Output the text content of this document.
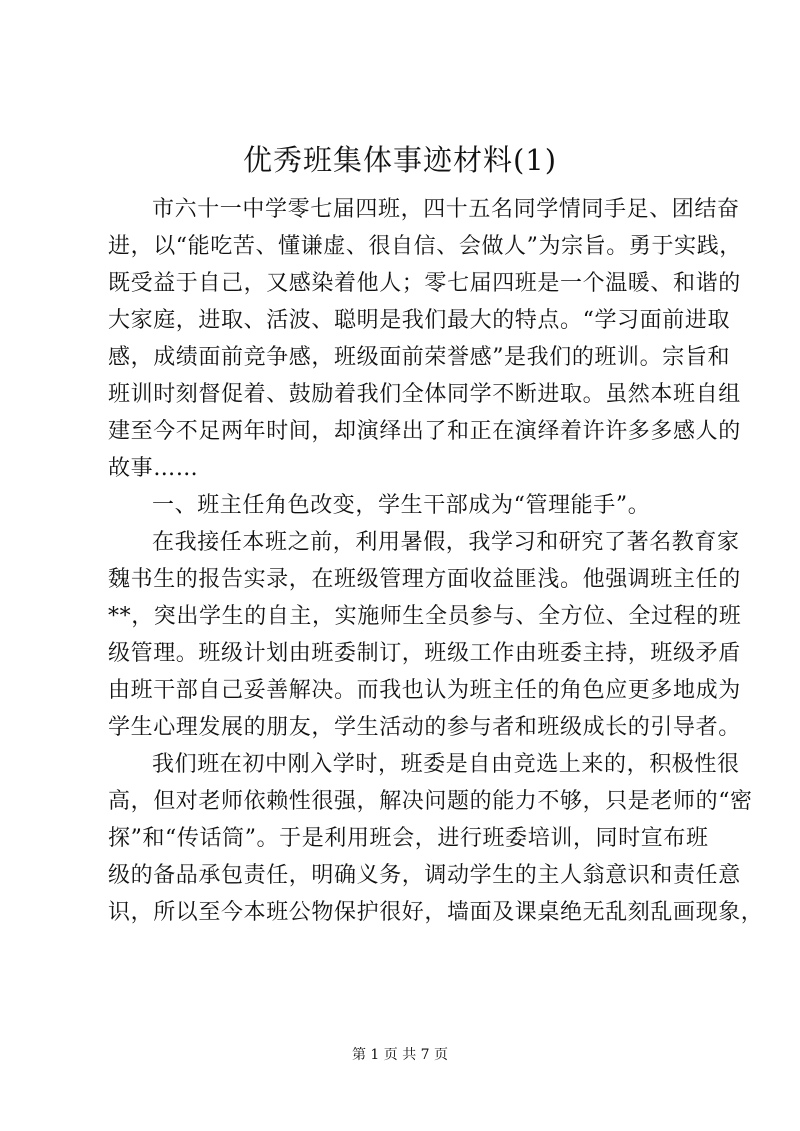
优秀班集体事迹材料(1)
市六十一中学零七届四班，四十五名同学情同手足、团结奋
进，以“能吃苦、懂谦虚、很自信、会做人”为宗旨。勇于实践，
既受益于自己，又感染着他人；零七届四班是一个温暖、和谐的
大家庭，进取、活波、聪明是我们最大的特点。“学习面前进取
感，成绩面前竞争感，班级面前荣誉感”是我们的班训。宗旨和
班训时刻督促着、鼓励着我们全体同学不断进取。虽然本班自组
建至今不足两年时间，却演绎出了和正在演绎着许许多多感人的
故事……
一、班主任角色改变，学生干部成为“管理能手”。
在我接任本班之前，利用暑假，我学习和研究了著名教育家
魏书生的报告实录，在班级管理方面收益匪浅。他强调班主任的
**，突出学生的自主，实施师生全员参与、全方位、全过程的班
级管理。班级计划由班委制订，班级工作由班委主持，班级矛盾
由班干部自己妥善解决。而我也认为班主任的角色应更多地成为
学生心理发展的朋友，学生活动的参与者和班级成长的引导者。
我们班在初中刚入学时，班委是自由竞选上来的，积极性很
高，但对老师依赖性很强，解决问题的能力不够，只是老师的“密
探”和“传话筒”。于是利用班会，进行班委培训，同时宣布班
级的备品承包责任，明确义务，调动学生的主人翁意识和责任意
识，所以至今本班公物保护很好，墙面及课桌绝无乱刻乱画现象，
第 1 页 共 7 页
